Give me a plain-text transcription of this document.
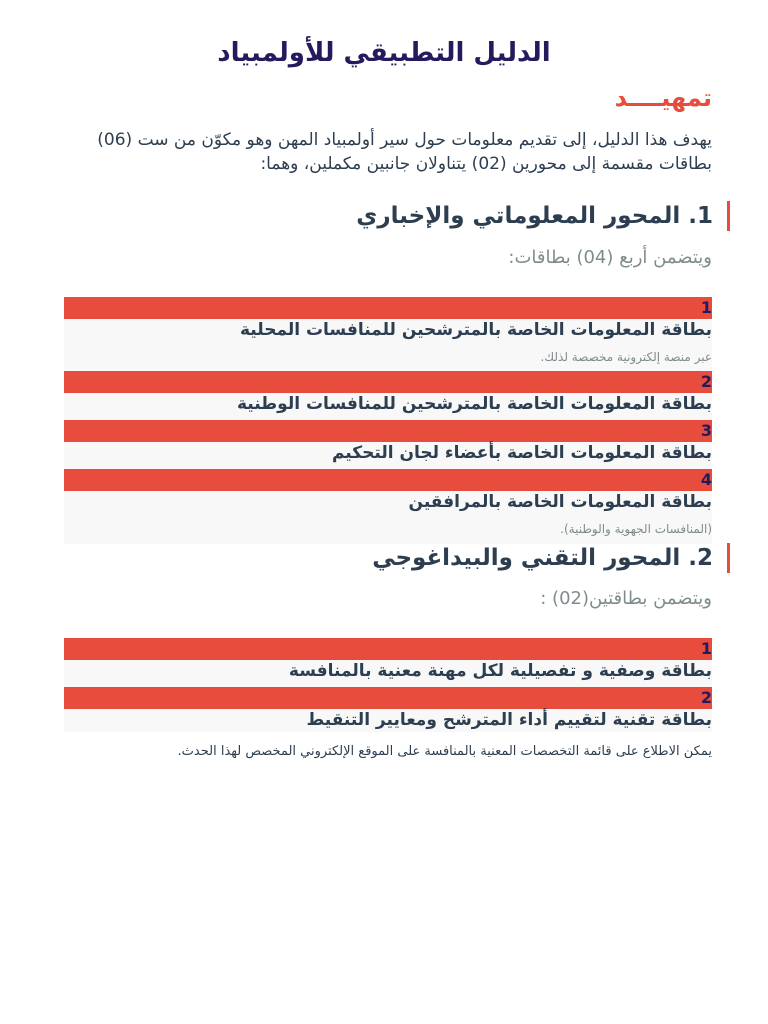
الدليل التطبيقي للأولمبياد
تمهيــــد
يهدف هذا الدليل، إلى تقديم معلومات حول سير أولمبياد المهن وهو مكوّن من ست (06) بطاقات مقسمة إلى محورين (02) يتناولان جانبين مكملين، وهما:
1. المحور المعلوماتي والإخباري
ويتضمن أربع (04) بطاقات:
1
بطاقة المعلومات الخاصة بالمترشحين للمنافسات المحلية
عبر منصة إلكترونية مخصصة لذلك.
2
بطاقة المعلومات الخاصة بالمترشحين للمنافسات الوطنية
3
بطاقة المعلومات الخاصة بأعضاء لجان التحكيم
4
بطاقة المعلومات الخاصة بالمرافقين
(المنافسات الجهوية والوطنية).
2. المحور التقني والبيداغوجي
ويتضمن بطاقتين(02) :
1
بطاقة وصفية و تفصيلية لكل مهنة معنية بالمنافسة
2
بطاقة تقنية لتقييم أداء المترشح ومعايير التنقيط
يمكن الاطلاع على قائمة التخصصات المعنية بالمنافسة على الموقع الإلكتروني المخصص لهذا الحدث.
